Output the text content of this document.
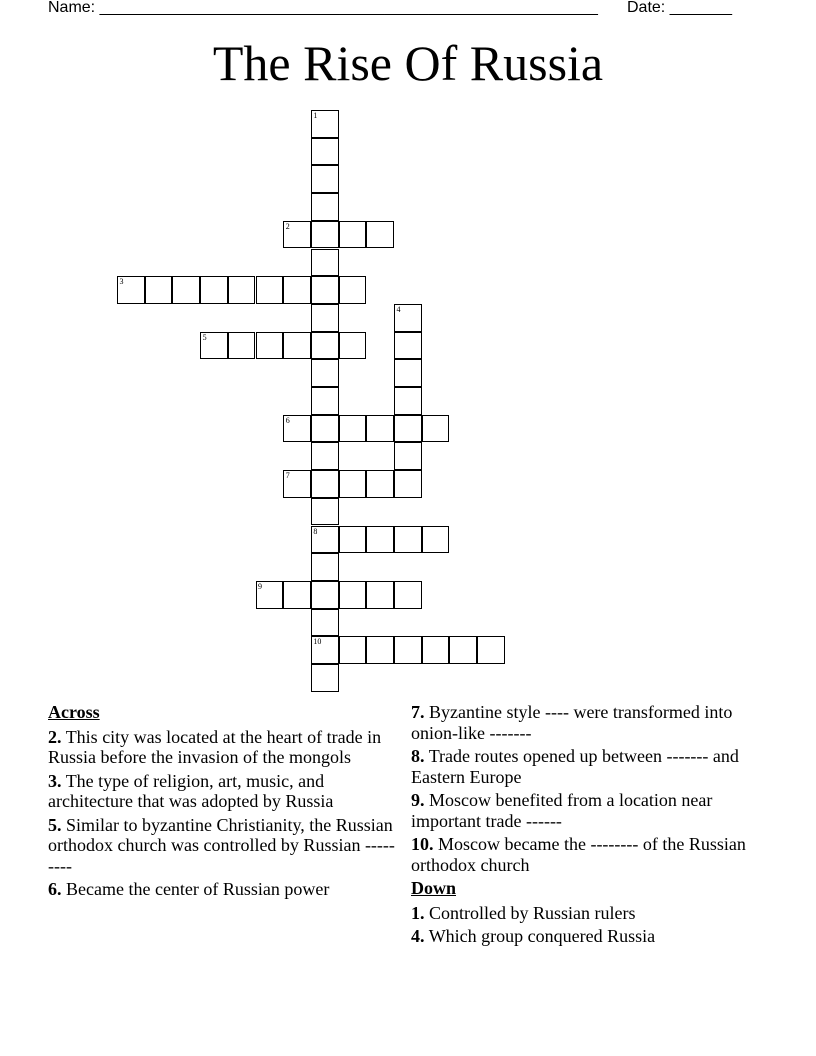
Name: ________________________________________________________ Date: _______
The Rise Of Russia
1
8
10
2
3
4
5
6
7
9
Across
2. This city was located at the heart of trade in Russia before the invasion of the mongols
3. The type of religion, art, music, and architecture that was adopted by Russia
5. Similar to byzantine Christianity, the Russian orthodox church was controlled by Russian ---------
6. Became the center of Russian power
7. Byzantine style ---- were transformed into onion-like -------
8. Trade routes opened up between ------- and Eastern Europe
9. Moscow benefited from a location near important trade ------
10. Moscow became the -------- of the Russian orthodox church
Down
1. Controlled by Russian rulers
4. Which group conquered Russia
